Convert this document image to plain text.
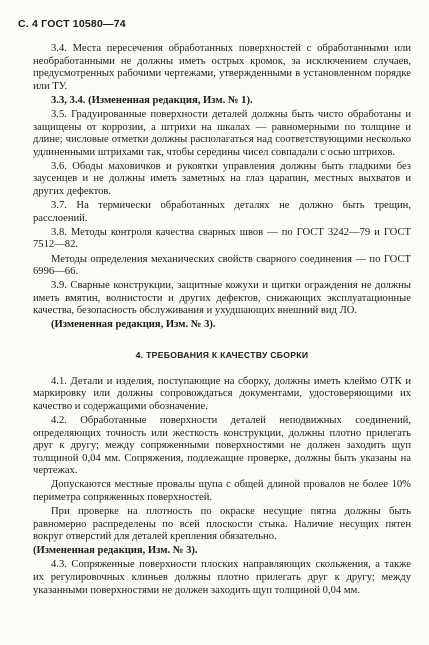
С. 4 ГОСТ 10580—74

3.4. Места пересечения обработанных поверхностей с обработанными или необработанными не должны иметь острых кромок, за исключением случаев, предусмотренных рабочими чертежами, утвержденными в установленном порядке или ТУ.

3.3, 3.4. (Измененная редакция, Изм. № 1).

3.5. Градуированные поверхности деталей должны быть чисто обработаны и защищены от коррозии, а штрихи на шкалах — равномерными по толщине и длине; числовые отметки должны располагаться над соответствующими несколько удлиненными штрихами так, чтобы середины чисел совпадали с осью штрихов.

3.6. Ободы маховичков и рукоятки управления должны быть гладкими без заусенцев и не должны иметь заметных на глаз царапин, местных выхватов и других дефектов.

3.7. На термически обработанных деталях не должно быть трещин, расслоений.

3.8. Методы контроля качества сварных швов — по ГОСТ 3242—79 и ГОСТ 7512—82.

Методы определения механических свойств сварного соединения — по ГОСТ 6996—66.

3.9. Сварные конструкции, защитные кожухи и щитки ограждения не должны иметь вмятин, волнистости и других дефектов, снижающих эксплуатационные качества, безопасность обслуживания и ухудшающих внешний вид ЛО.

(Измененная редакция, Изм. № 3).

4. ТРЕБОВАНИЯ К КАЧЕСТВУ СБОРКИ

4.1. Детали и изделия, поступающие на сборку, должны иметь клеймо ОТК и маркировку или должны сопровождаться документами, удостоверяющими их качество и содержащими обозначение.

4.2. Обработанные поверхности деталей неподвижных соединений, определяющих точность или жесткость конструкции, должны плотно прилегать друг к другу; между сопряженными поверхностями не должен заходить щуп толщиной 0,04 мм. Сопряжения, подлежащие проверке, должны быть указаны на чертежах.

Допускаются местные провалы щупа с общей длиной провалов не более 10% периметра сопряженных поверхностей.

При проверке на плотность по окраске несущие пятна должны быть равномерно распределены по всей плоскости стыка. Наличие несущих пятен вокруг отверстий для деталей крепления обязательно.

(Измененная редакция, Изм. № 3).

4.3. Сопряженные поверхности плоских направляющих скольжения, а также их регулировочных клиньев должны плотно прилегать друг к другу; между указанными поверхностями не должен заходить щуп толщиной 0,04 мм.
